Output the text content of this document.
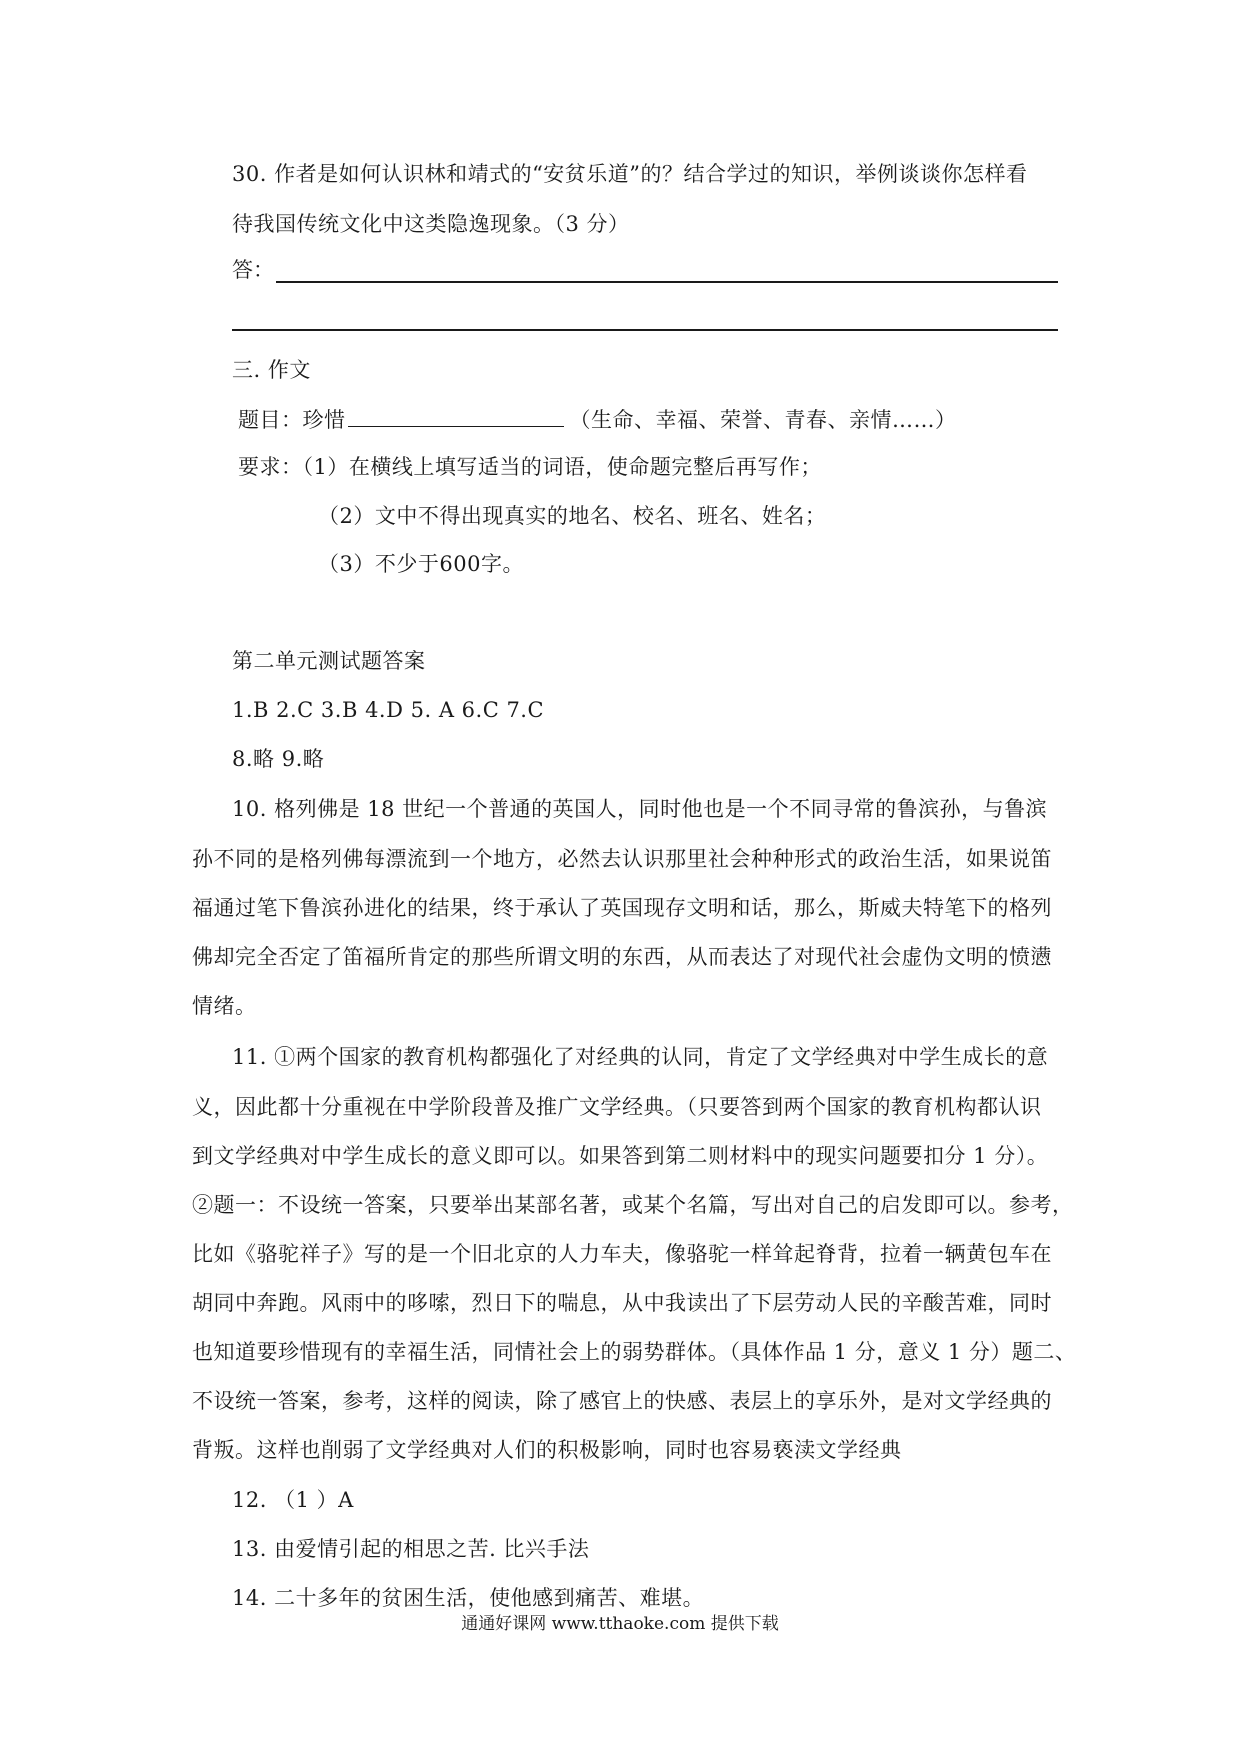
30. 作者是如何认识林和靖式的“安贫乐道”的？结合学过的知识，举例谈谈你怎样看
待我国传统文化中这类隐逸现象。（3 分）
答：
三. 作文
题目：珍惜	（生命、幸福、荣誉、青春、亲情……）
要求：（1）在横线上填写适当的词语，使命题完整后再写作；
（2）文中不得出现真实的地名、校名、班名、姓名；
（3）不少于600字。
第二单元测试题答案
1.B 2.C 3.B 4.D 5. A 6.C 7.C
8.略 9.略
10. 格列佛是 18 世纪一个普通的英国人，同时他也是一个不同寻常的鲁滨孙，与鲁滨
孙不同的是格列佛每漂流到一个地方，必然去认识那里社会种种形式的政治生活，如果说笛
福通过笔下鲁滨孙进化的结果，终于承认了英国现存文明和话，那么，斯威夫特笔下的格列
佛却完全否定了笛福所肯定的那些所谓文明的东西，从而表达了对现代社会虚伪文明的愤懑
情绪。
11. ①两个国家的教育机构都强化了对经典的认同，肯定了文学经典对中学生成长的意
义，因此都十分重视在中学阶段普及推广文学经典。（只要答到两个国家的教育机构都认识
到文学经典对中学生成长的意义即可以。如果答到第二则材料中的现实问题要扣分 1 分）。
②题一：不设统一答案，只要举出某部名著，或某个名篇，写出对自己的启发即可以。参考，
比如《骆驼祥子》写的是一个旧北京的人力车夫，像骆驼一样耸起脊背，拉着一辆黄包车在
胡同中奔跑。风雨中的哆嗦，烈日下的喘息，从中我读出了下层劳动人民的辛酸苦难，同时
也知道要珍惜现有的幸福生活，同情社会上的弱势群体。（具体作品 1 分，意义 1 分）题二、
不设统一答案，参考，这样的阅读，除了感官上的快感、表层上的享乐外，是对文学经典的
背叛。这样也削弱了文学经典对人们的积极影响，同时也容易亵渎文学经典
12. （1 ）A
13. 由爱情引起的相思之苦. 比兴手法
14. 二十多年的贫困生活，使他感到痛苦、难堪。
通通好课网 www.tthaoke.com 提供下载
